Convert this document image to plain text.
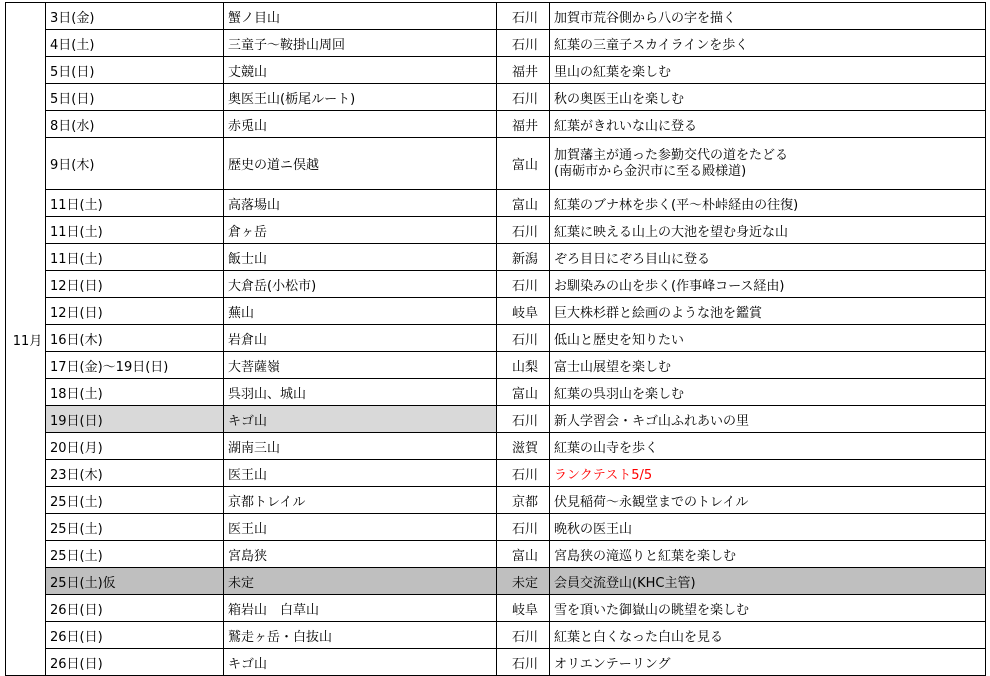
11月	3日(金)	蟹ノ目山	石川	加賀市荒谷側から八の字を描く
	4日(土)	三童子～鞍掛山周回	石川	紅葉の三童子スカイラインを歩く
	5日(日)	丈競山	福井	里山の紅葉を楽しむ
	5日(日)	奥医王山(栃尾ルート)	石川	秋の奥医王山を楽しむ
	8日(水)	赤兎山	福井	紅葉がきれいな山に登る
	9日(木)	歴史の道ニ俣越	富山	加賀藩主が通った参勤交代の道をたどる
(南砺市から金沢市に至る殿様道)

	11日(土)	高落場山	富山	紅葉のブナ林を歩く(平～朴峠経由の往復)
	11日(土)	倉ヶ岳	石川	紅葉に映える山上の大池を望む身近な山
	11日(土)	飯士山	新潟	ぞろ目日にぞろ目山に登る
	12日(日)	大倉岳(小松市)	石川	お馴染みの山を歩く(作事峰コース経由)
	12日(日)	蕪山	岐阜	巨大株杉群と絵画のような池を鑑賞
	16日(木)	岩倉山	石川	低山と歴史を知りたい
	17日(金)～19日(日)	大菩薩嶺	山梨	富士山展望を楽しむ
	18日(土)	呉羽山、城山	富山	紅葉の呉羽山を楽しむ
	19日(日)	キゴ山	石川	新人学習会・キゴ山ふれあいの里
	20日(月)	湖南三山	滋賀	紅葉の山寺を歩く
	23日(木)	医王山	石川	ランクテスト5/5
	25日(土)	京都トレイル	京都	伏見稲荷～永観堂までのトレイル
	25日(土)	医王山	石川	晩秋の医王山
	25日(土)	宮島狭	富山	宮島狭の滝巡りと紅葉を楽しむ
	25日(土)仮	未定	未定	会員交流登山(KHC主管)
	26日(日)	箱岩山　白草山	岐阜	雪を頂いた御嶽山の眺望を楽しむ
	26日(日)	鷲走ヶ岳・白抜山	石川	紅葉と白くなった白山を見る
	26日(日)	キゴ山	石川	オリエンテーリング
